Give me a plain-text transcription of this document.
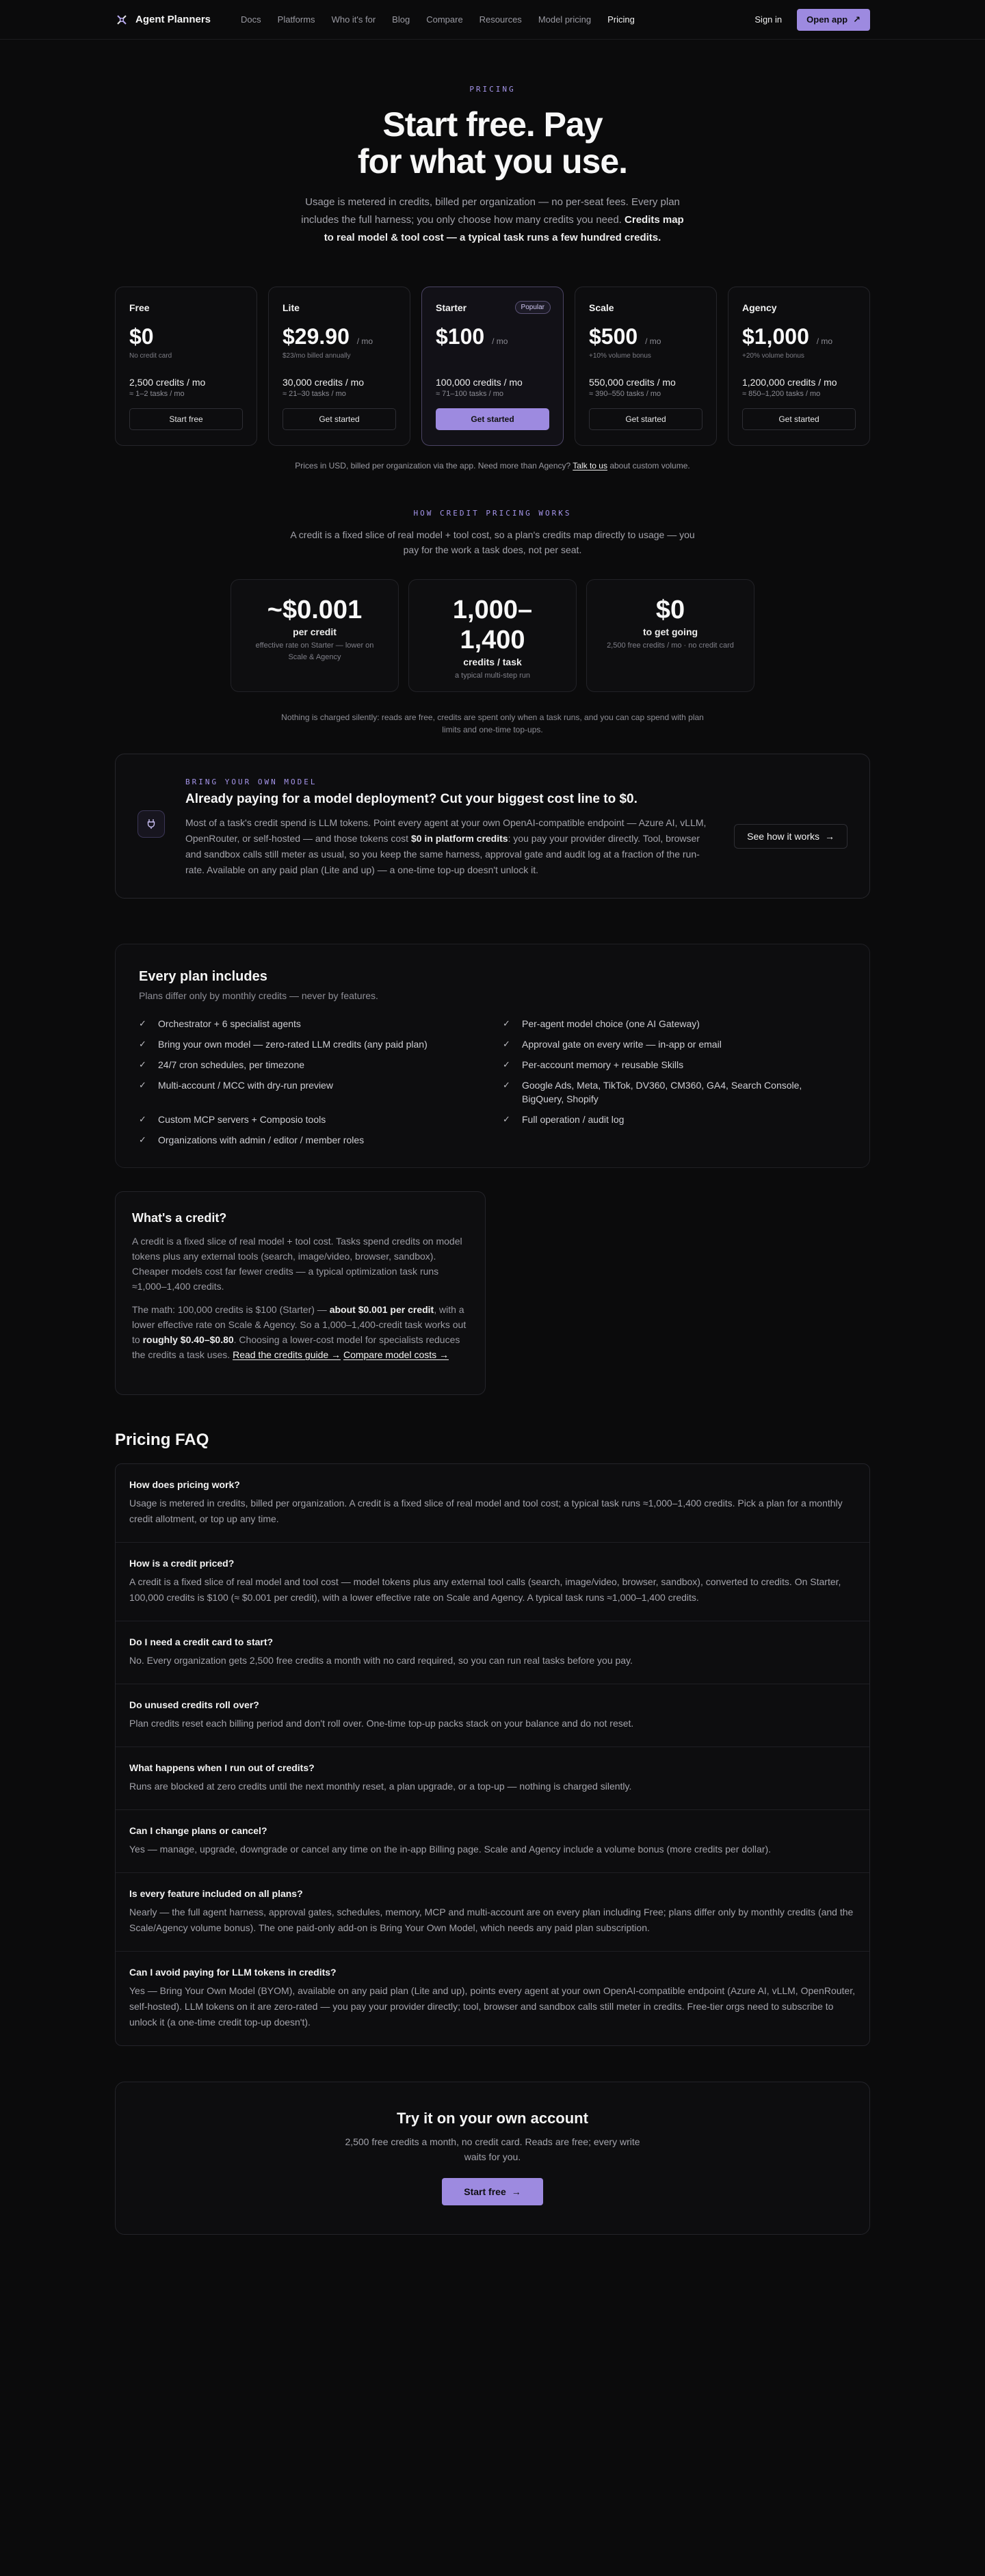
Agent Planners	Docs Platforms Who it's for Blog Compare Resources Model pricing Pricing	Sign in	Open app ↗
PRICING
Start free. Pay
for what you use.

Usage is metered in credits, billed per organization — no per-seat fees. Every plan includes the full harness; you only choose how many credits you need. Credits map to real model & tool cost — a typical task runs a few hundred credits.

Free
$0
No credit card
2,500 credits / mo
≈ 1–2 tasks / mo
Start free
Lite
$29.90 / mo
$23/mo billed annually
30,000 credits / mo
≈ 21–30 tasks / mo
Get started
Starter	Popular
$100 / mo
100,000 credits / mo
≈ 71–100 tasks / mo
Get started
Scale
$500 / mo
+10% volume bonus
550,000 credits / mo
≈ 390–550 tasks / mo
Get started
Agency
$1,000 / mo
+20% volume bonus
1,200,000 credits / mo
≈ 850–1,200 tasks / mo
Get started

Prices in USD, billed per organization via the app. Need more than Agency? Talk to us about custom volume.

HOW CREDIT PRICING WORKS

A credit is a fixed slice of real model + tool cost, so a plan's credits map directly to usage — you pay for the work a task does, not per seat.

~$0.001
per credit
effective rate on Starter — lower on Scale & Agency
1,000–1,400
credits / task
a typical multi-step run
$0
to get going
2,500 free credits / mo · no credit card

Nothing is charged silently: reads are free, credits are spent only when a task runs, and you can cap spend with plan limits and one-time top-ups.

BRING YOUR OWN MODEL
Already paying for a model deployment? Cut your biggest cost line to $0.

Most of a task's credit spend is LLM tokens. Point every agent at your own OpenAI-compatible endpoint — Azure AI, vLLM, OpenRouter, or self-hosted — and those tokens cost $0 in platform credits: you pay your provider directly. Tool, browser and sandbox calls still meter as usual, so you keep the same harness, approval gate and audit log at a fraction of the run-rate. Available on any paid plan (Lite and up) — a one-time top-up doesn't unlock it.

See how it works →
Every plan includes

Plans differ only by monthly credits — never by features.

✓	Orchestrator + 6 specialist agents
✓	Bring your own model — zero-rated LLM credits (any paid plan)
✓	24/7 cron schedules, per timezone
✓	Multi-account / MCC with dry-run preview
✓	Custom MCP servers + Composio tools
✓	Organizations with admin / editor / member roles
✓	Per-agent model choice (one AI Gateway)
✓	Approval gate on every write — in-app or email
✓	Per-account memory + reusable Skills
✓	Google Ads, Meta, TikTok, DV360, CM360, GA4, Search Console, BigQuery, Shopify
✓	Full operation / audit log
What's a credit?

A credit is a fixed slice of real model + tool cost. Tasks spend credits on model tokens plus any external tools (search, image/video, browser, sandbox). Cheaper models cost far fewer credits — a typical optimization task runs ≈1,000–1,400 credits.

The math: 100,000 credits is $100 (Starter) — about $0.001 per credit, with a lower effective rate on Scale & Agency. So a 1,000–1,400-credit task works out to roughly $0.40–$0.80. Choosing a lower-cost model for specialists reduces the credits a task uses. Read the credits guide → Compare model costs →

Pricing FAQ
How does pricing work?
Usage is metered in credits, billed per organization. A credit is a fixed slice of real model and tool cost; a typical task runs ≈1,000–1,400 credits. Pick a plan for a monthly credit allotment, or top up any time.
How is a credit priced?
A credit is a fixed slice of real model and tool cost — model tokens plus any external tool calls (search, image/video, browser, sandbox), converted to credits. On Starter, 100,000 credits is $100 (≈ $0.001 per credit), with a lower effective rate on Scale and Agency. A typical task runs ≈1,000–1,400 credits.
Do I need a credit card to start?
No. Every organization gets 2,500 free credits a month with no card required, so you can run real tasks before you pay.
Do unused credits roll over?
Plan credits reset each billing period and don't roll over. One-time top-up packs stack on your balance and do not reset.
What happens when I run out of credits?
Runs are blocked at zero credits until the next monthly reset, a plan upgrade, or a top-up — nothing is charged silently.
Can I change plans or cancel?
Yes — manage, upgrade, downgrade or cancel any time on the in-app Billing page. Scale and Agency include a volume bonus (more credits per dollar).
Is every feature included on all plans?
Nearly — the full agent harness, approval gates, schedules, memory, MCP and multi-account are on every plan including Free; plans differ only by monthly credits (and the Scale/Agency volume bonus). The one paid-only add-on is Bring Your Own Model, which needs any paid plan subscription.
Can I avoid paying for LLM tokens in credits?
Yes — Bring Your Own Model (BYOM), available on any paid plan (Lite and up), points every agent at your own OpenAI-compatible endpoint (Azure AI, vLLM, OpenRouter, self-hosted). LLM tokens on it are zero-rated — you pay your provider directly; tool, browser and sandbox calls still meter in credits. Free-tier orgs need to subscribe to unlock it (a one-time credit top-up doesn't).
Try it on your own account

2,500 free credits a month, no credit card. Reads are free; every write waits for you.

Start free →
